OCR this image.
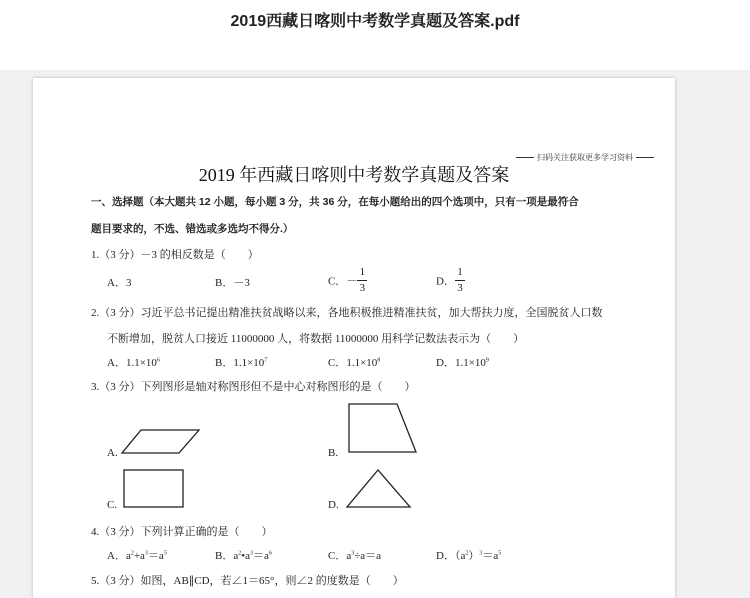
2019西藏日喀则中考数学真题及答案.pdf
扫码关注获取更多学习资料
2019 年西藏日喀则中考数学真题及答案
一、选择题（本大题共 12 小题，每小题 3 分，共 36 分，在每小题给出的四个选项中，只有一项是最符合
题目要求的，不选、错选或多选均不得分.）
1.（3 分）－3 的相反数是（　　）
A．3	B．－3	C．－ $\frac{1}{3}$	D． $\frac{1}{3}$
2.（3 分）习近平总书记提出精准扶贫战略以来，各地积极推进精准扶贫，加大帮扶力度，全国脱贫人口数
不断增加，脱贫人口接近 11000000 人，将数据 11000000 用科学记数法表示为（　　）
A．$1.1\times 10^6$	B．$1.1\times 10^7$	C．$1.1\times 10^8$	D．$1.1\times 10^9$
3.（3 分）下列图形是轴对称图形但不是中心对称图形的是（　　）
A.	B.
C.	D.
4.（3 分）下列计算正确的是（　　）
A．$a^2+a^3=a^5$	B．$a^2•a^3=a^6$	C．$a^3\div a=a$	D．$(a^2)^3=a^5$
5.（3 分）如图，AB∥CD，若∠1＝65°，则∠2 的度数是（　　）
